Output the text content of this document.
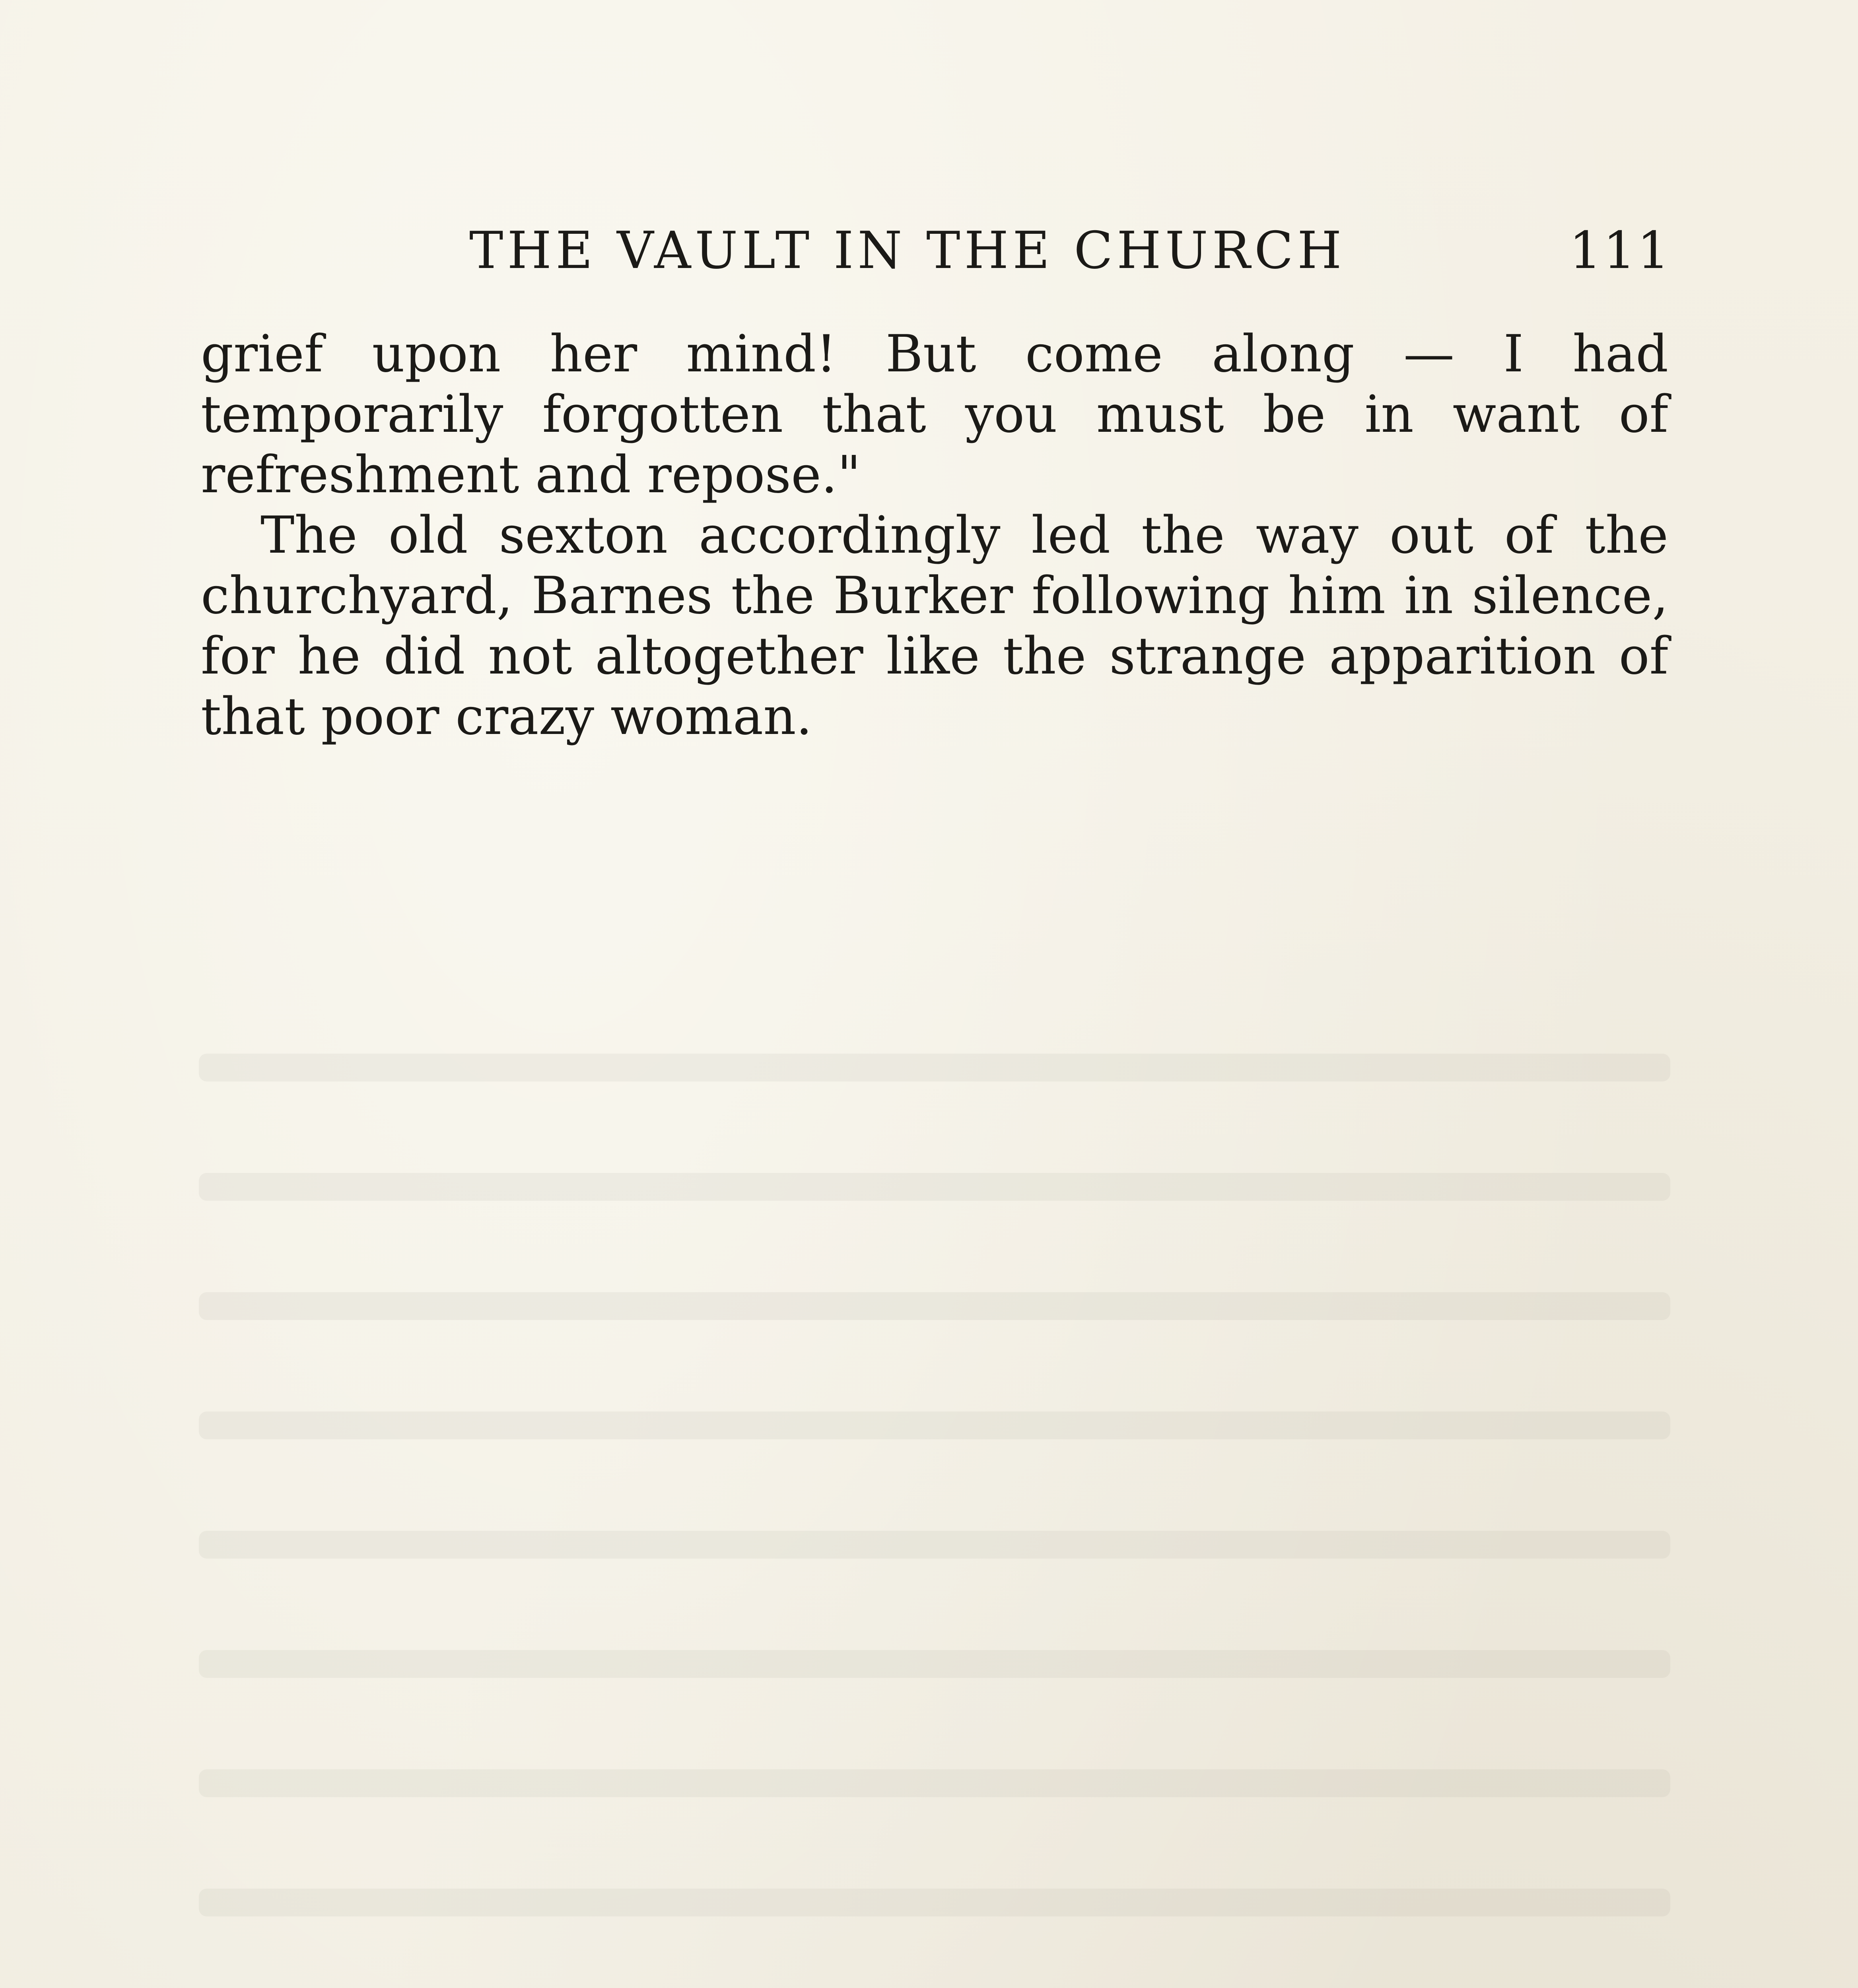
THE VAULT IN THE CHURCH	111

grief upon her mind! But come along — I had temporarily forgotten that you must be in want of refreshment and repose."

The old sexton accordingly led the way out of the churchyard, Barnes the Burker following him in silence, for he did not altogether like the strange apparition of that poor crazy woman.
